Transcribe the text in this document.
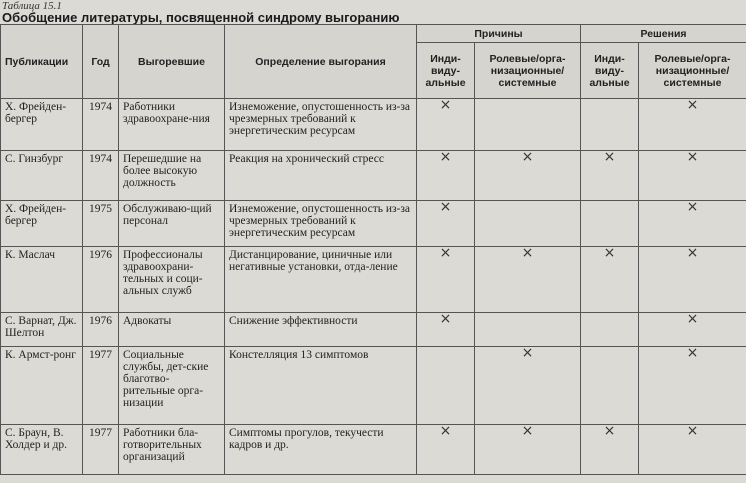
Таблица 15.1
Обобщение литературы, посвященной синдрому выгоранию
Публикации	Год	Выгоревшие	Определение выгорания	Причины		Решения	
				Инди-виду-альные	Ролевые/орга-низационные/системные	Инди-виду-альные	Ролевые/орга-низационные/системные
Х. Фрейден-бергер	1974	Работники здравоохране-ния	Изнеможение, опустошенность из-за чрезмерных требований к энергетическим ресурсам	×			×
С. Гинзбург	1974	Перешедшие на более высокую должность	Реакция на хронический стресс	×	×	×	×
Х. Фрейден-бергер	1975	Обслуживаю-щий персонал	Изнеможение, опустошенность из-за чрезмерных требований к энергетическим ресурсам	×			×
К. Маслач	1976	Профессионалы здравоохрани-тельных и соци-альных служб	Дистанцирование, циничные или негативные установки, отда-ление	×	×	×	×
С. Варнат, Дж. Шелтон	1976	Адвокаты	Снижение эффективности	×			×
К. Армст-ронг	1977	Социальные службы, дет-ские благотво-рительные орга-низации	Констелляция 13 симптомов		×		×
С. Браун, В. Холдер и др.	1977	Работники бла-готворительных организаций	Симптомы прогулов, текучести кадров и др.	×	×	×	×
